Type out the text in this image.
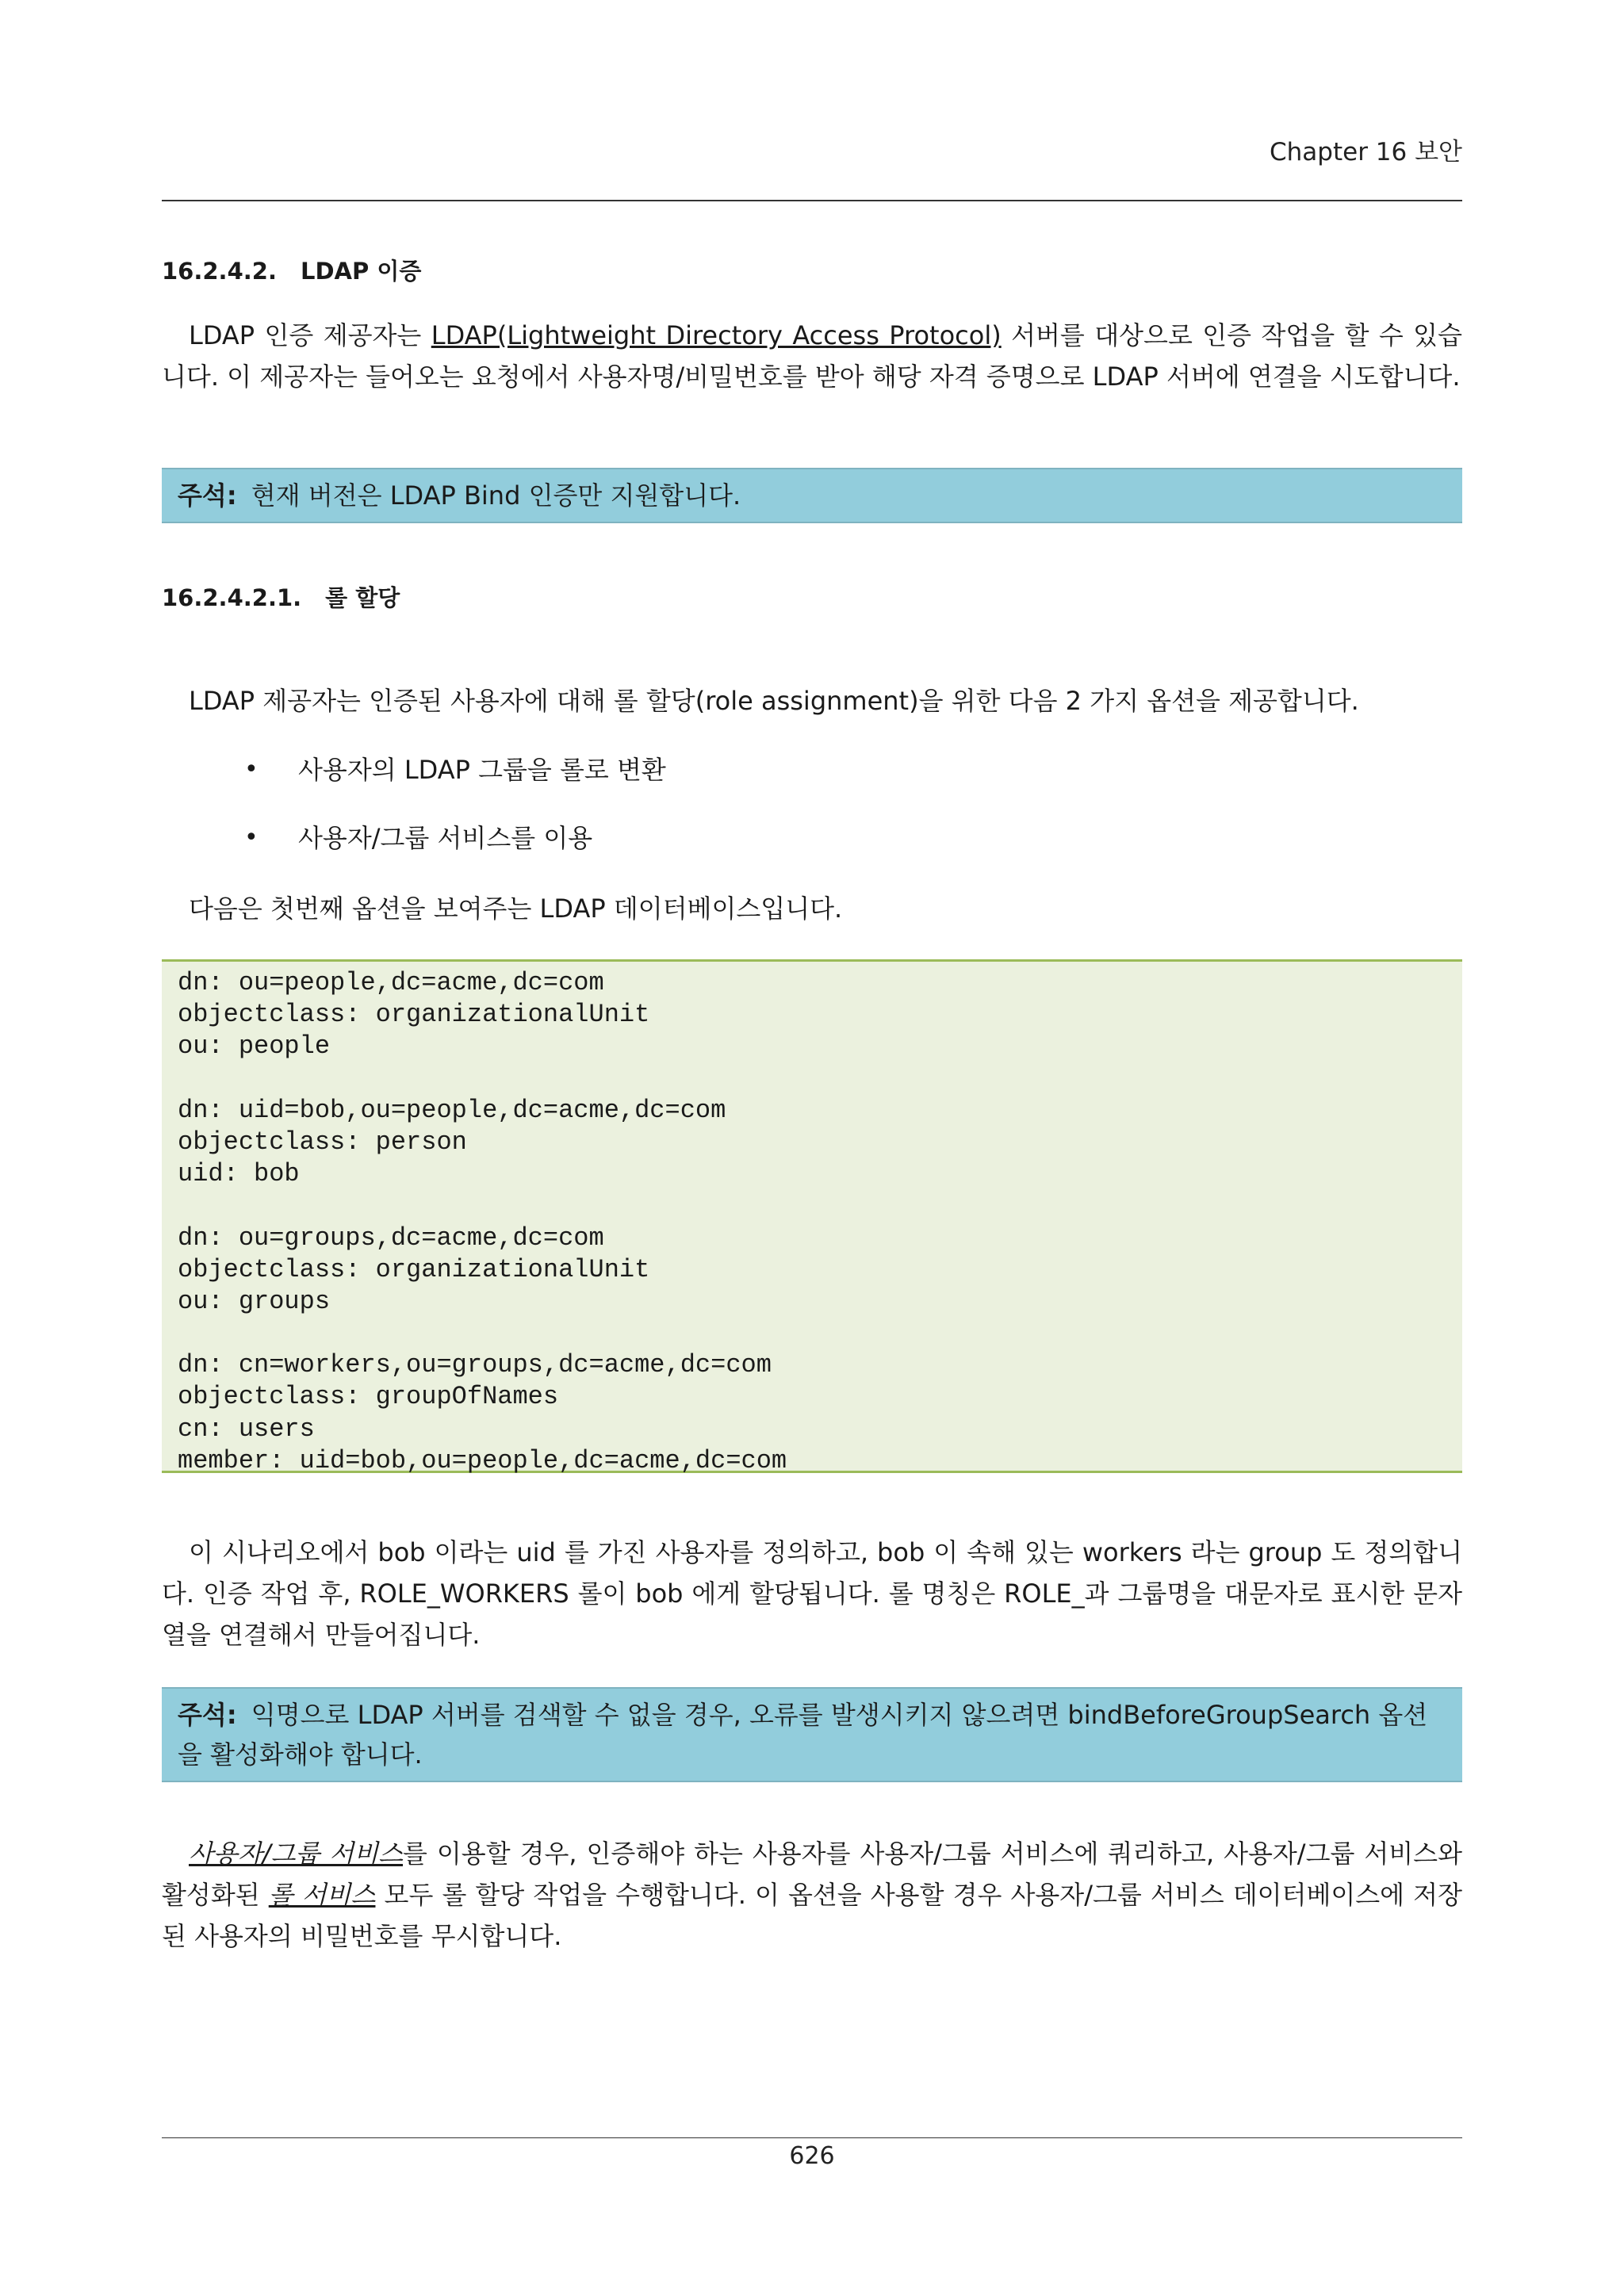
Chapter 16 보안
16.2.4.2. LDAP 이증
LDAP 인증 제공자는 LDAP(Lightweight Directory Access Protocol) 서버를 대상으로 인증 작업을 할 수 있습니다. 이 제공자는 들어오는 요청에서 사용자명/비밀번호를 받아 해당 자격 증명으로 LDAP 서버에 연결을 시도합니다.
주석: 현재 버전은 LDAP Bind 인증만 지원합니다.
16.2.4.2.1. 롤 할당
LDAP 제공자는 인증된 사용자에 대해 롤 할당(role assignment)을 위한 다음 2 가지 옵션을 제공합니다.
• 사용자의 LDAP 그룹을 롤로 변환
• 사용자/그룹 서비스를 이용
다음은 첫번째 옵션을 보여주는 LDAP 데이터베이스입니다.
dn: ou=people,dc=acme,dc=com
objectclass: organizationalUnit
ou: people
dn: uid=bob,ou=people,dc=acme,dc=com
objectclass: person
uid: bob
dn: ou=groups,dc=acme,dc=com
objectclass: organizationalUnit
ou: groups
dn: cn=workers,ou=groups,dc=acme,dc=com
objectclass: groupOfNames
cn: users
member: uid=bob,ou=people,dc=acme,dc=com
이 시나리오에서 bob 이라는 uid 를 가진 사용자를 정의하고, bob 이 속해 있는 workers 라는 group 도 정의합니다. 인증 작업 후, ROLE_WORKERS 롤이 bob 에게 할당됩니다. 롤 명칭은 ROLE_과 그룹명을 대문자로 표시한 문자열을 연결해서 만들어집니다.
주석: 익명으로 LDAP 서버를 검색할 수 없을 경우, 오류를 발생시키지 않으려면 bindBeforeGroupSearch 옵션을 활성화해야 합니다.
사용자/그룹 서비스를 이용할 경우, 인증해야 하는 사용자를 사용자/그룹 서비스에 쿼리하고, 사용자/그룹 서비스와 활성화된 롤 서비스 모두 롤 할당 작업을 수행합니다. 이 옵션을 사용할 경우 사용자/그룹 서비스 데이터베이스에 저장된 사용자의 비밀번호를 무시합니다.
626
